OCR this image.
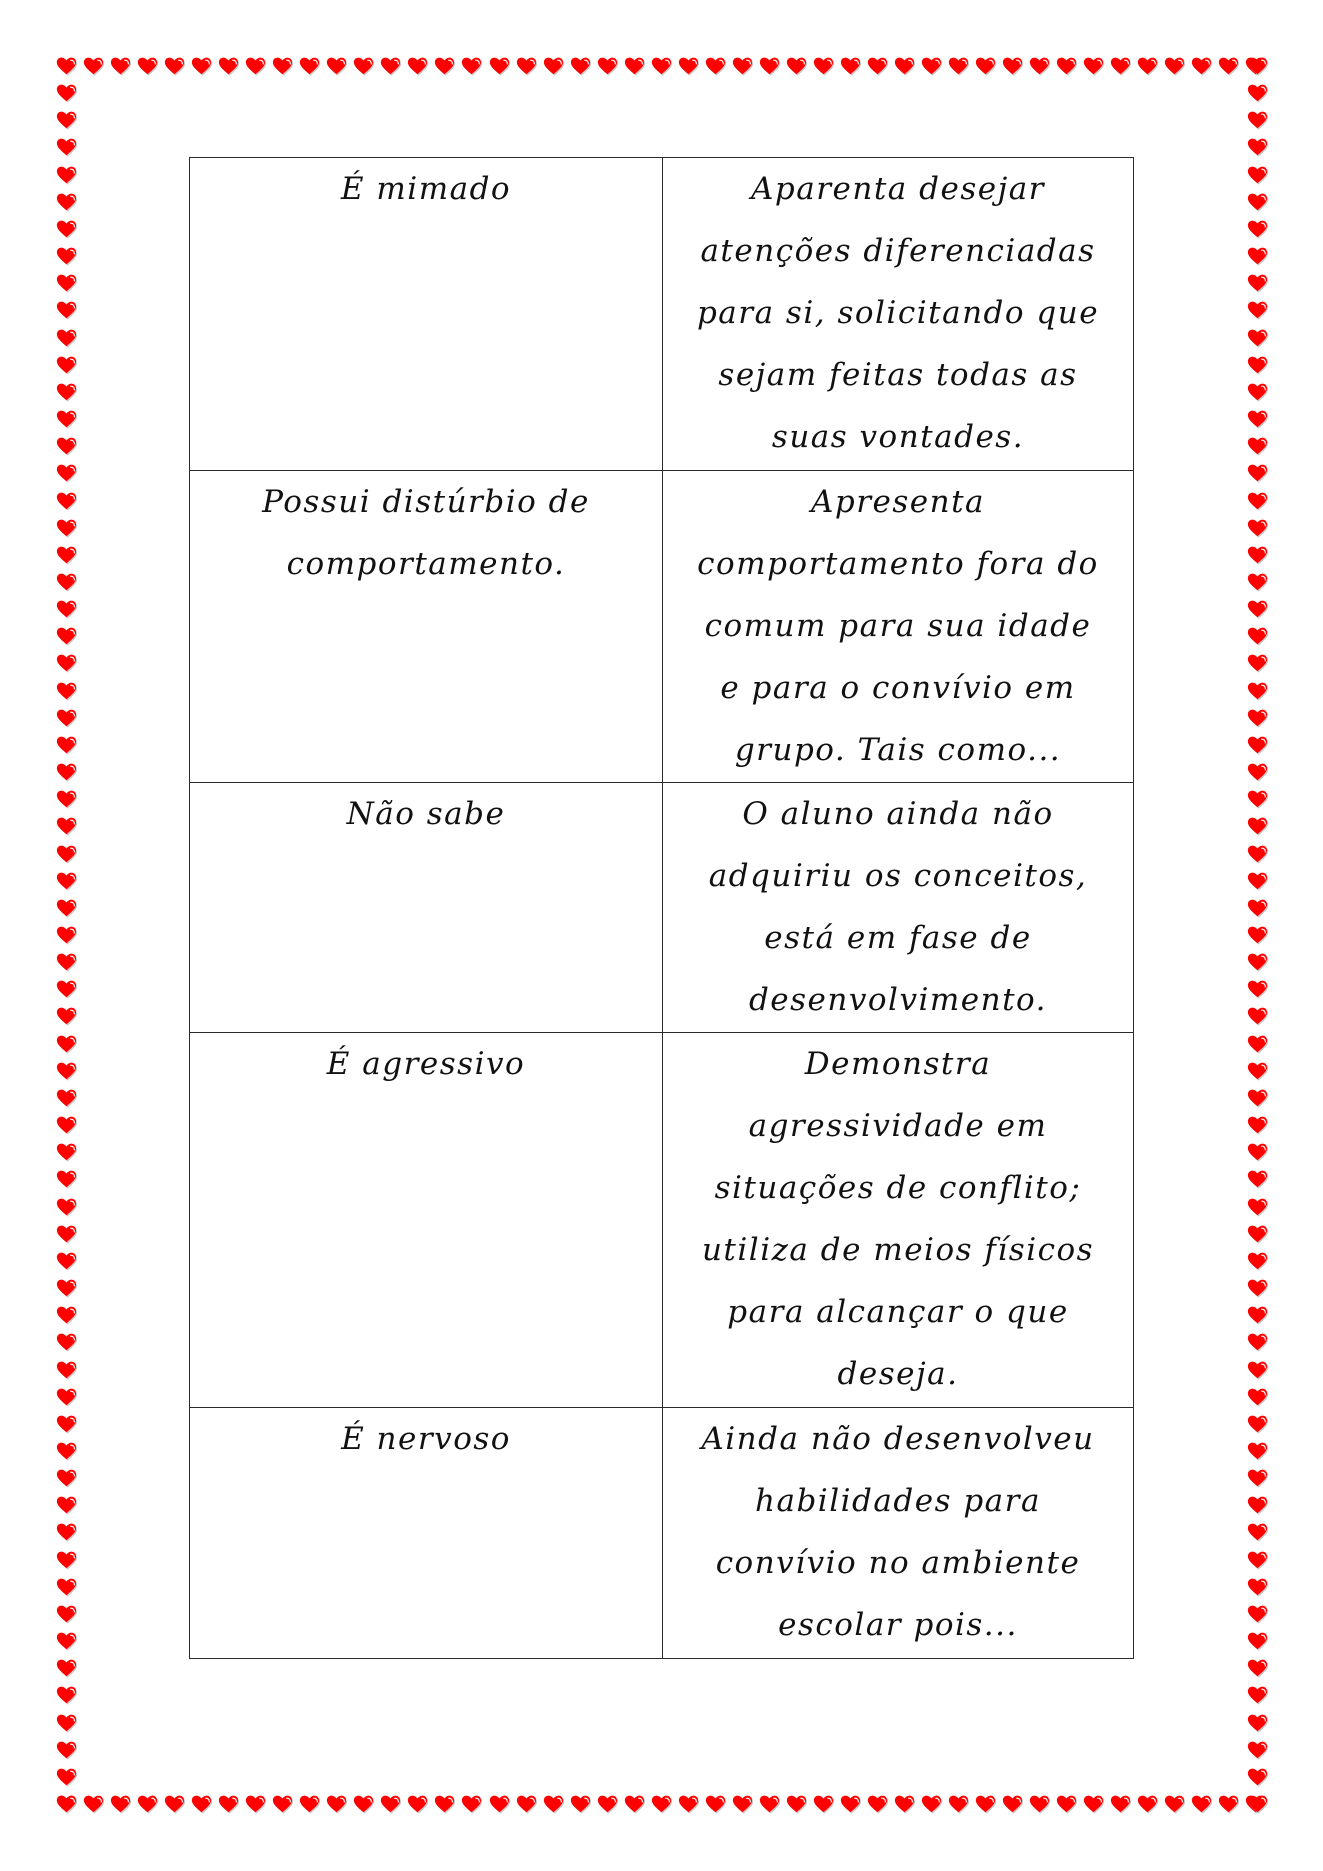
É mimado	Aparenta desejar
atenções diferenciadas
para si, solicitando que
sejam feitas todas as
suas vontades.

Possui distúrbio de
comportamento.	Apresenta
comportamento fora do
comum para sua idade
e para o convívio em
grupo. Tais como...

Não sabe	O aluno ainda não
adquiriu os conceitos,
está em fase de
desenvolvimento.

É agressivo	Demonstra
agressividade em
situações de conflito;
utiliza de meios físicos
para alcançar o que
deseja.

É nervoso	Ainda não desenvolveu
habilidades para
convívio no ambiente
escolar pois...
